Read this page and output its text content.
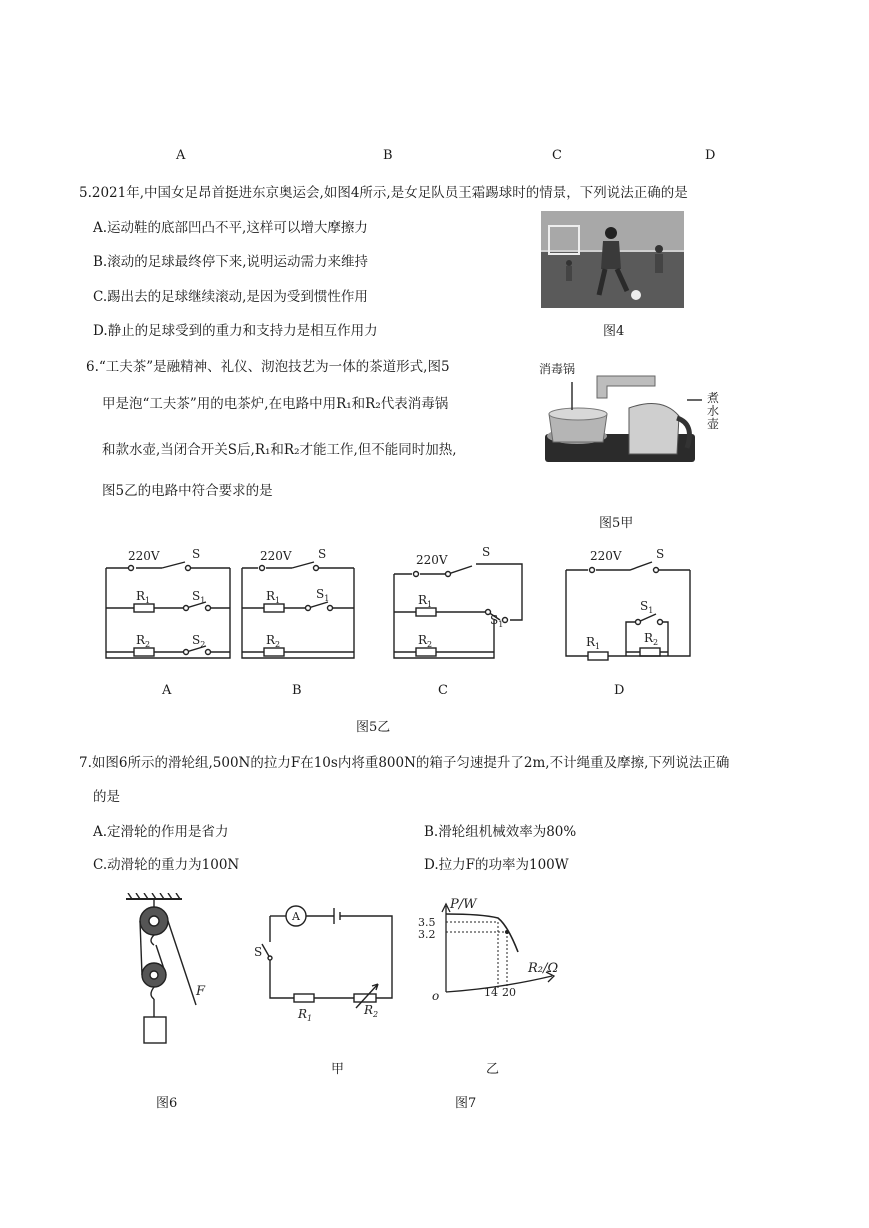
A	B	C	D
5.2021年,中国女足昂首挺进东京奥运会,如图4所示,是女足队员王霜踢球时的情景，下列说法正确的是
A.运动鞋的底部凹凸不平,这样可以增大摩擦力
B.滚动的足球最终停下来,说明运动需力来维持
C.踢出去的足球继续滚动,是因为受到惯性作用
D.静止的足球受到的重力和支持力是相互作用力	图4
6.“工夫茶”是融精神、礼仪、沏泡技艺为一体的茶道形式,图5
甲是泡“工夫茶”用的电茶炉,在电路中用R₁和R₂代表消毒锅
和款水壶,当闭合开关S后,R₁和R₂才能工作,但不能同时加热,
图5乙的电路中符合要求的是
消毒锅
煮水壶
图5甲
220V	S
$R_1$	$S_1$
$R_2$	$S_2$
220V S
$R_1$	$S_1$
$R_2$
220V
S
$R_1$
$S_1$
$R_2$
220V	S
$S_1$
$R_1$
$R_2$
A	B	C	D
图5乙
7.如图6所示的滑轮组,500N的拉力F在10s内将重800N的箱子匀速提升了2m,不计绳重及摩擦,下列说法正确
的是
A.定滑轮的作用是省力	B.滑轮组机械效率为80%
C.动滑轮的重力为100N	D.拉力F的功率为100W
F
图6
A
S
$R_1$
$R_2$
甲
P/W
3.5
3.2
R₂/Ω
o	14 20
乙
图7
